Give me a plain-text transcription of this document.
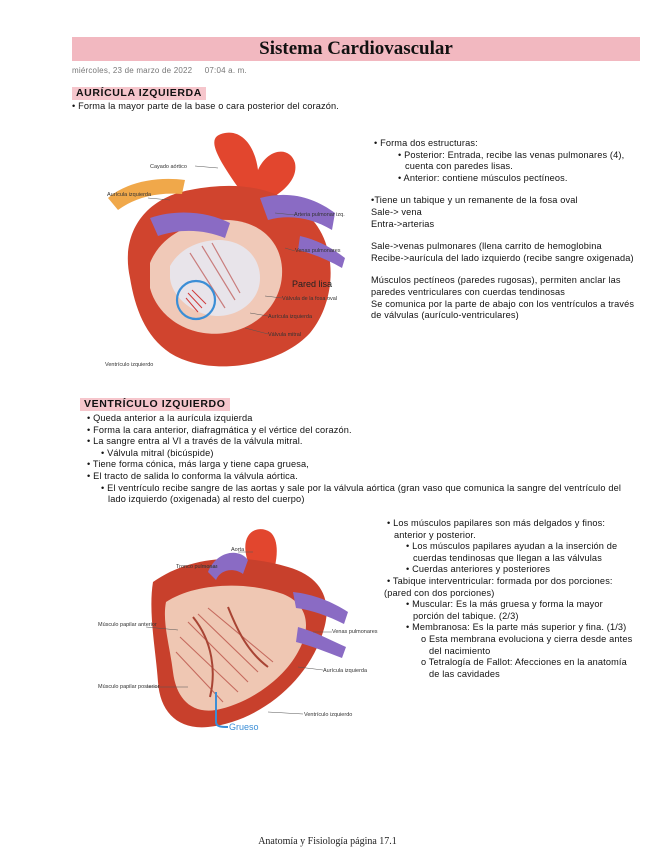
Sistema Cardiovascular
miércoles, 23 de marzo de 2022 07:04 a. m.
AURÍCULA IZQUIERDA
• Forma la mayor parte de la base o cara posterior del corazón.
Cayado aórtico
Aurícula izquierda
Arteria pulmonar izq.
Venas pulmonares
Válvula de la fosa oval
Aurícula izquierda
Válvula mitral
Ventrículo izquierdo
Pared lisa
• Forma dos estructuras:
• Posterior: Entrada, recibe las venas pulmonares (4), cuenta con paredes lisas.
• Anterior: contiene músculos pectíneos.
•Tiene un tabique y un remanente de la fosa oval
Sale-> vena
Entra->arterias
Sale->venas pulmonares (llena carrito de hemoglobina
Recibe->aurícula del lado izquierdo (recibe sangre oxigenada)
Músculos pectíneos (paredes rugosas), permiten anclar las paredes ventriculares con cuerdas tendinosas
Se comunica por la parte de abajo con los ventrículos a través de válvulas (aurículo-ventriculares)
VENTRÍCULO IZQUIERDO
• Queda anterior a la aurícula izquierda
• Forma la cara anterior, diafragmática y el vértice del corazón.
• La sangre entra al VI a través de la válvula mitral.
• Válvula mitral (bicúspide)
• Tiene forma cónica, más larga y tiene capa gruesa,
• El tracto de salida lo conforma la válvula aórtica.
• El ventrículo recibe sangre de las aortas y sale por la válvula aórtica (gran vaso que comunica la sangre del ventrículo del lado izquierdo (oxigenada) al resto del cuerpo)
Aorta
Tronco pulmonar
Músculo papilar anterior
Músculo papilar posterior
Venas pulmonares
Aurícula izquierda
Ventrículo izquierdo
Grueso
• Los músculos papilares son más delgados y finos: anterior y posterior.
• Los músculos papilares ayudan a la inserción de cuerdas tendinosas que llegan a las válvulas
• Cuerdas anteriores y posteriores
• Tabique interventricular: formada por dos porciones:
(pared con dos porciones)
• Muscular: Es la más gruesa y forma la mayor porción del tabique. (2/3)
• Membranosa: Es la parte más superior y fina. (1/3)
o Esta membrana evoluciona y cierra desde antes del nacimiento
o Tetralogía de Fallot: Afecciones en la anatomía de las cavidades
Anatomía y Fisiología página 17.1
